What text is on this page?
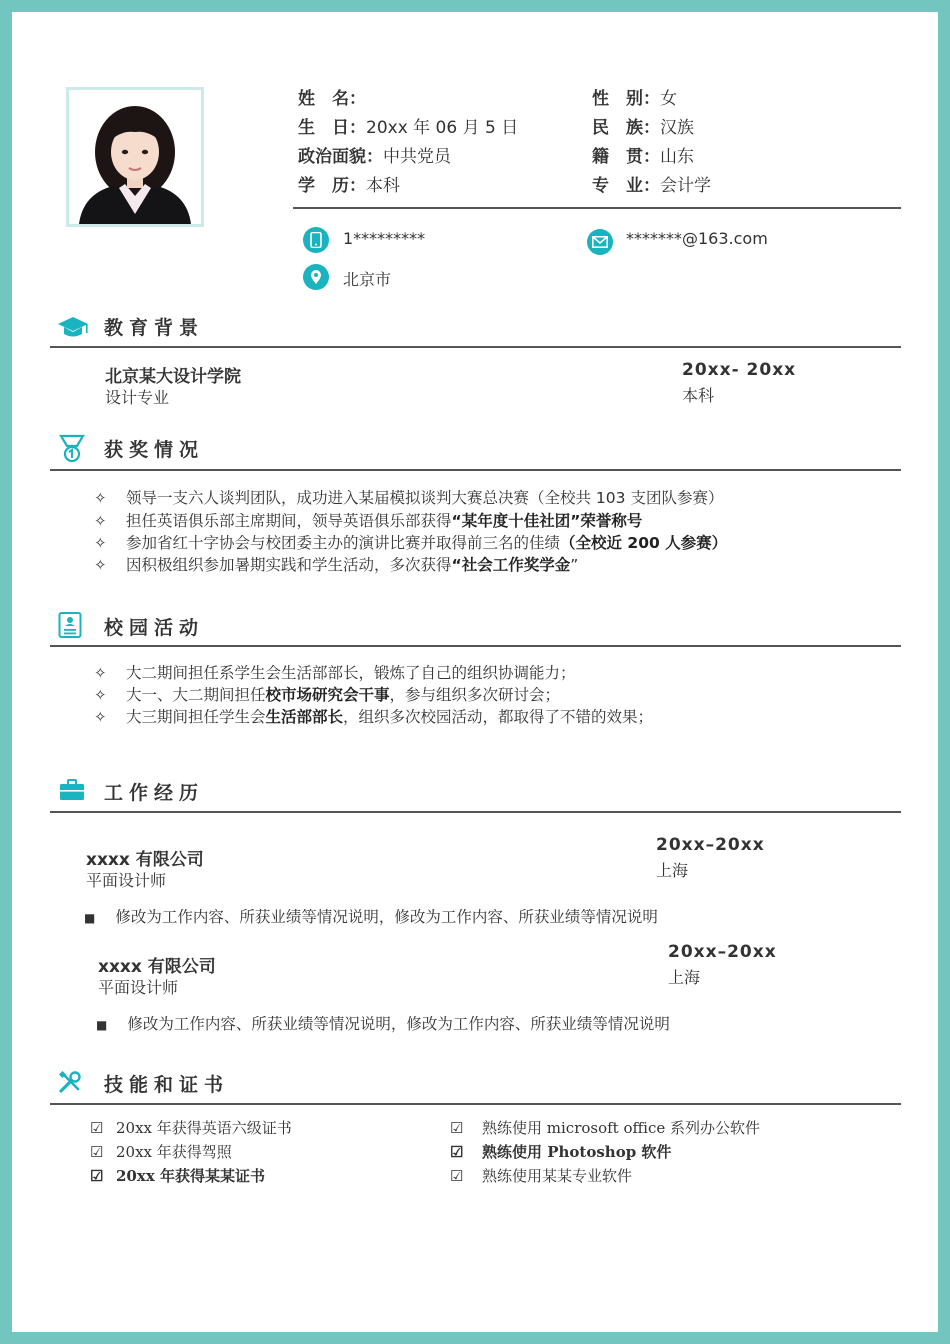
姓　名：
生　日：20xx 年 06 月 5 日
政治面貌：中共党员
学　历：本科
性　别：女
民　族：汉族
籍　贯：山东
专　业：会计学
1*********	*******@163.com
北京市
教育背景
北京某大设计学院
设计专业
20xx- 20xx
本科
获奖情况
✧ 领导一支六人谈判团队，成功进入某届模拟谈判大赛总决赛（全校共 103 支团队参赛）
✧ 担任英语俱乐部主席期间，领导英语俱乐部获得“某年度十佳社团”荣誉称号
✧ 参加省红十字协会与校团委主办的演讲比赛并取得前三名的佳绩（全校近 200 人参赛）
✧ 因积极组织参加暑期实践和学生活动，多次获得“社会工作奖学金”
校园活动
✧ 大二期间担任系学生会生活部部长，锻炼了自己的组织协调能力；
✧ 大一、大二期间担任校市场研究会干事，参与组织多次研讨会；
✧ 大三期间担任学生会生活部部长，组织多次校园活动，都取得了不错的效果；
工作经历
xxxx 有限公司
平面设计师
20xx–20xx
上海
■ 修改为工作内容、所获业绩等情况说明，修改为工作内容、所获业绩等情况说明
xxxx 有限公司
平面设计师
20xx–20xx
上海
■ 修改为工作内容、所获业绩等情况说明，修改为工作内容、所获业绩等情况说明
技能和证书
☑ 20xx 年获得英语六级证书
☑ 20xx 年获得驾照
☑ 20xx 年获得某某证书
☑ 熟练使用 microsoft office 系列办公软件
☑ 熟练使用 Photoshop 软件
☑ 熟练使用某某专业软件
